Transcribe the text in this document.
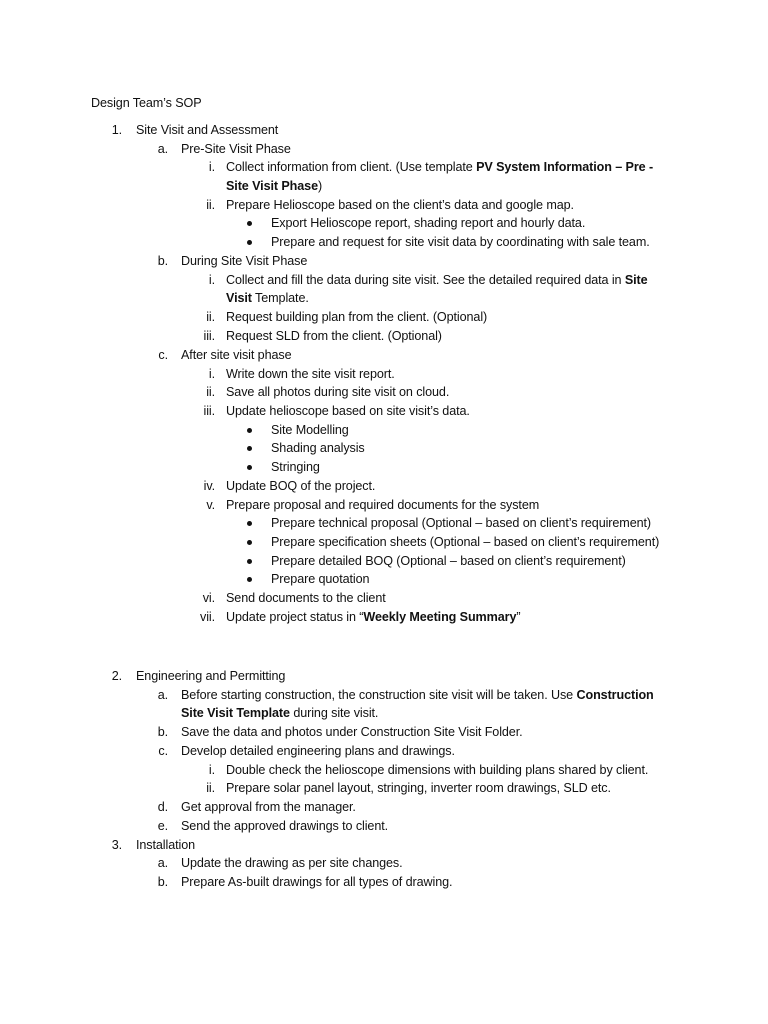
Design Team’s SOP
1. Site Visit and Assessment
a. Pre-Site Visit Phase
i. Collect information from client. (Use template PV System Information – Pre -
Site Visit Phase)
ii. Prepare Helioscope based on the client’s data and google map.
Export Helioscope report, shading report and hourly data.
Prepare and request for site visit data by coordinating with sale team.
b. During Site Visit Phase
i. Collect and fill the data during site visit. See the detailed required data in Site
Visit Template.
ii. Request building plan from the client. (Optional)
iii. Request SLD from the client. (Optional)
c. After site visit phase
i. Write down the site visit report.
ii. Save all photos during site visit on cloud.
iii. Update helioscope based on site visit’s data.
Site Modelling
Shading analysis
Stringing
iv. Update BOQ of the project.
v. Prepare proposal and required documents for the system
Prepare technical proposal (Optional – based on client’s requirement)
Prepare specification sheets (Optional – based on client’s requirement)
Prepare detailed BOQ (Optional – based on client’s requirement)
Prepare quotation
vi. Send documents to the client
vii. Update project status in “Weekly Meeting Summary”
2. Engineering and Permitting
a. Before starting construction, the construction site visit will be taken. Use Construction
Site Visit Template during site visit.
b. Save the data and photos under Construction Site Visit Folder.
c. Develop detailed engineering plans and drawings.
i. Double check the helioscope dimensions with building plans shared by client.
ii. Prepare solar panel layout, stringing, inverter room drawings, SLD etc.
d. Get approval from the manager.
e. Send the approved drawings to client.
3. Installation
a. Update the drawing as per site changes.
b. Prepare As-built drawings for all types of drawing.
